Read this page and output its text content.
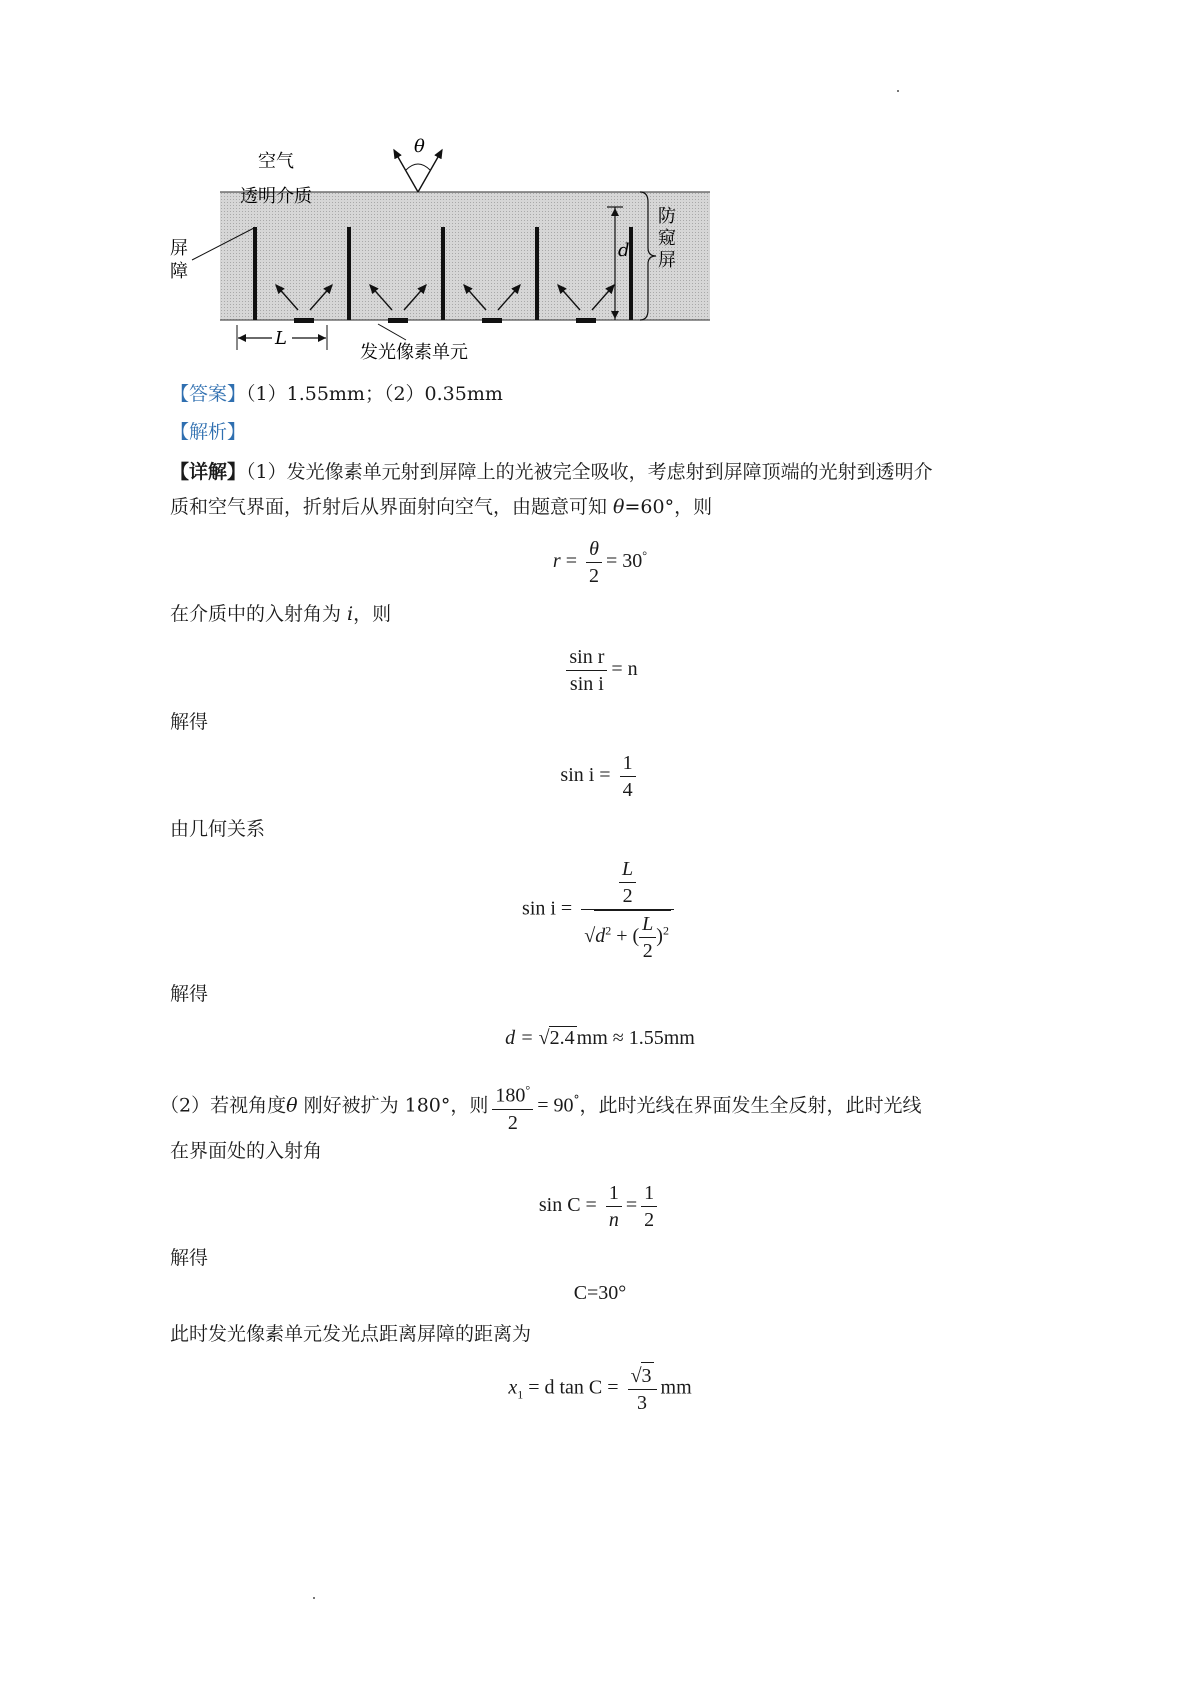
θ
空气
透明介质
屏
障
d
防
窥
屏
L
发光像素单元
【答案】（1）1.55mm；（2）0.35mm
【解析】
【详解】（1）发光像素单元射到屏障上的光被完全吸收，考虑射到屏障顶端的光射到透明介
质和空气界面，折射后从界面射向空气，由题意可知 θ=60°，则
$r = \frac{\theta}{2} = 30^\circ$
在介质中的入射角为 i，则
$\frac{\text{sin r}}{\text{sin i}} = n$
解得
$\sin i = \frac{1}{4}$
由几何关系
$\sin i = \frac{\frac{L}{2}}{√d^2 + ( \frac{L}{2} )^2}$
解得
d = √2.4 mm ≈ 1.55mm
（2）若视角度θ 刚好被扩为 180°，则 $\frac{180^\circ}{2} = 90^\circ$，此时光线在界面发生全反射，此时光线
在界面处的入射角
$\sin C = \frac{1}{n} = \frac{1}{2}$
解得
C=30°
此时发光像素单元发光点距离屏障的距离为
$x_1 = d$ $\tan C = \frac{√3}{3}$ mm
